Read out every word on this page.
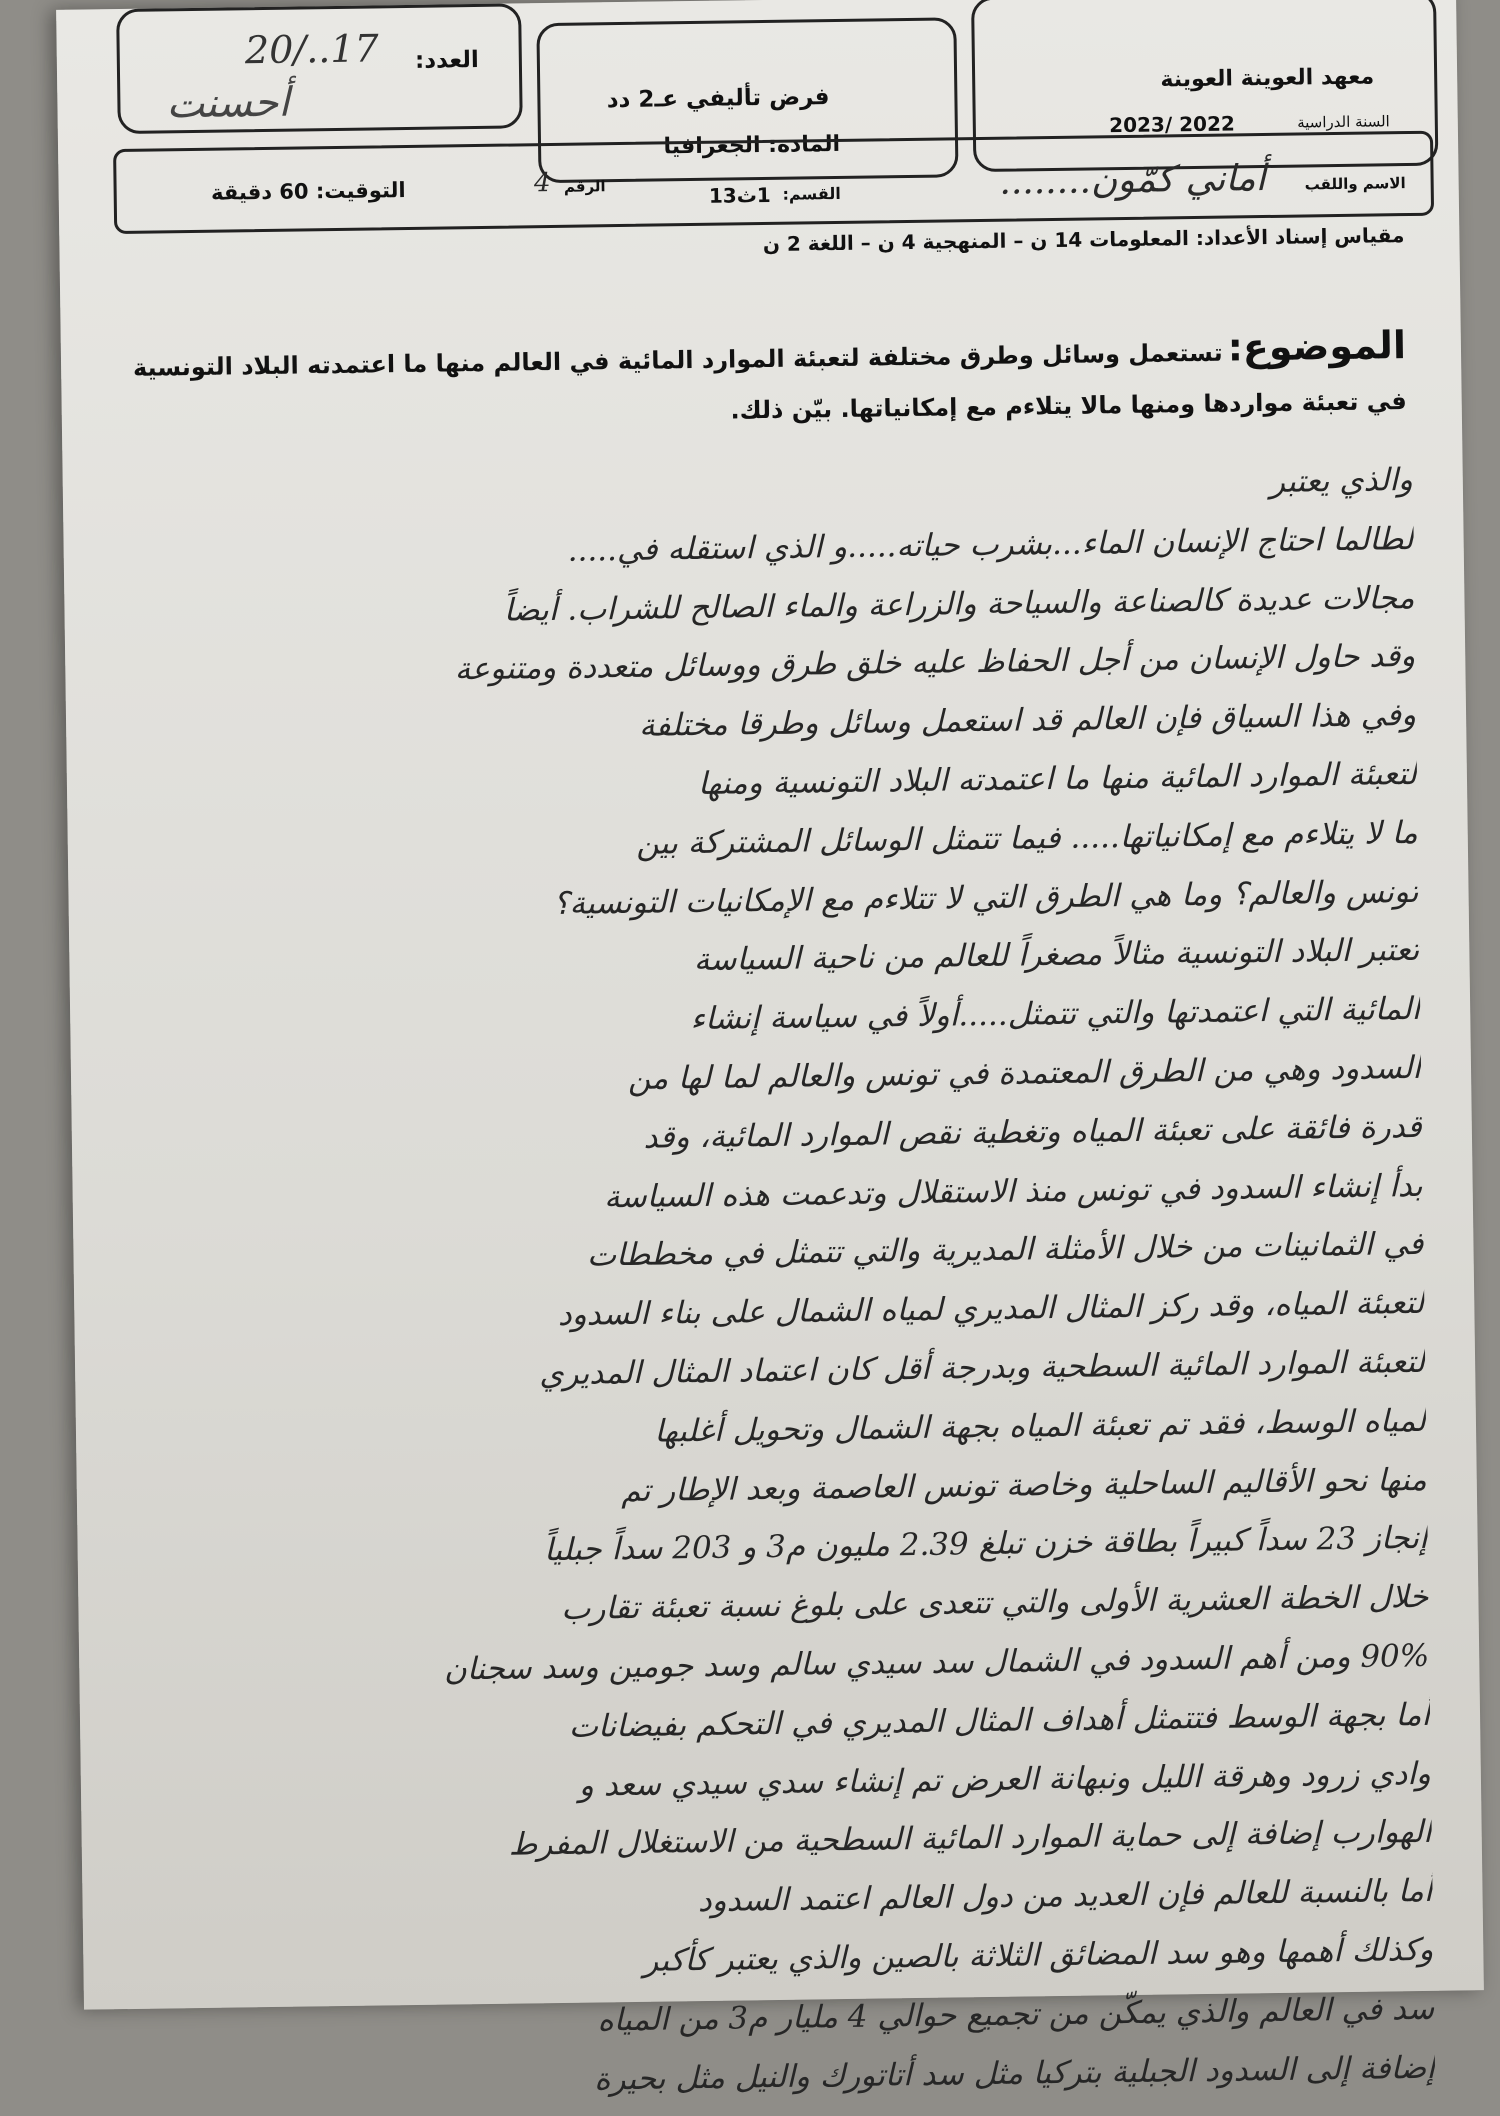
معهد العوينة العوينة
السنة الدراسية
2022 /2023
فرض تأليفي عـ2 دد
المادة: الجغرافيا
العدد:
17../20
أحسنت
الاسم واللقب
أماني كمّون........
القسم:
1ث13
الرقم
4
التوقيت: 60 دقيقة
مقياس إسناد الأعداد: المعلومات 14 ن – المنهجية 4 ن – اللغة 2 ن
الموضوع: تستعمل وسائل وطرق مختلفة لتعبئة الموارد المائية في العالم منها ما اعتمدته البلاد التونسية في تعبئة مواردها ومنها مالا يتلاءم مع إمكانياتها. بيّن ذلك.
والذي يعتبر
لطالما احتاج الإنسان الماء...بشرب حياته.....و الذي استقله في.....
مجالات عديدة كالصناعة والسياحة والزراعة والماء الصالح للشراب. أيضاً
وقد حاول الإنسان من أجل الحفاظ عليه خلق طرق ووسائل متعددة ومتنوعة
وفي هذا السياق فإن العالم قد استعمل وسائل وطرقا مختلفة
لتعبئة الموارد المائية منها ما اعتمدته البلاد التونسية ومنها
ما لا يتلاءم مع إمكانياتها..... فيما تتمثل الوسائل المشتركة بين
تونس والعالم؟ وما هي الطرق التي لا تتلاءم مع الإمكانيات التونسية؟
تعتبر البلاد التونسية مثالاً مصغراً للعالم من ناحية السياسة
المائية التي اعتمدتها والتي تتمثل.....أولاً في سياسة إنشاء
السدود وهي من الطرق المعتمدة في تونس والعالم لما لها من
قدرة فائقة على تعبئة المياه وتغطية نقص الموارد المائية، وقد
بدأ إنشاء السدود في تونس منذ الاستقلال وتدعمت هذه السياسة
في الثمانينات من خلال الأمثلة المديرية والتي تتمثل في مخططات
لتعبئة المياه، وقد ركز المثال المديري لمياه الشمال على بناء السدود
لتعبئة الموارد المائية السطحية وبدرجة أقل كان اعتماد المثال المديري
لمياه الوسط، فقد تم تعبئة المياه بجهة الشمال وتحويل أغلبها
منها نحو الأقاليم الساحلية وخاصة تونس العاصمة وبعد الإطار تم
إنجاز 23 سداً كبيراً بطاقة خزن تبلغ 2.39 مليون م3 و 203 سداً جبلياً
خلال الخطة العشرية الأولى والتي تتعدى على بلوغ نسبة تعبئة تقارب
90% ومن أهم السدود في الشمال سد سيدي سالم وسد جومين وسد سجنان
أما بجهة الوسط فتتمثل أهداف المثال المديري في التحكم بفيضانات
وادي زرود وهرقة الليل ونبهانة العرض تم إنشاء سدي سيدي سعد و
الهوارب إضافة إلى حماية الموارد المائية السطحية من الاستغلال المفرط
أما بالنسبة للعالم فإن العديد من دول العالم اعتمد السدود
وكذلك أهمها وهو سد المضائق الثلاثة بالصين والذي يعتبر كأكبر
سد في العالم والذي يمكّن من تجميع حوالي 4 مليار م3 من المياه
إضافة إلى السدود الجبلية بتركيا مثل سد أتاتورك والنيل مثل بحيرة
